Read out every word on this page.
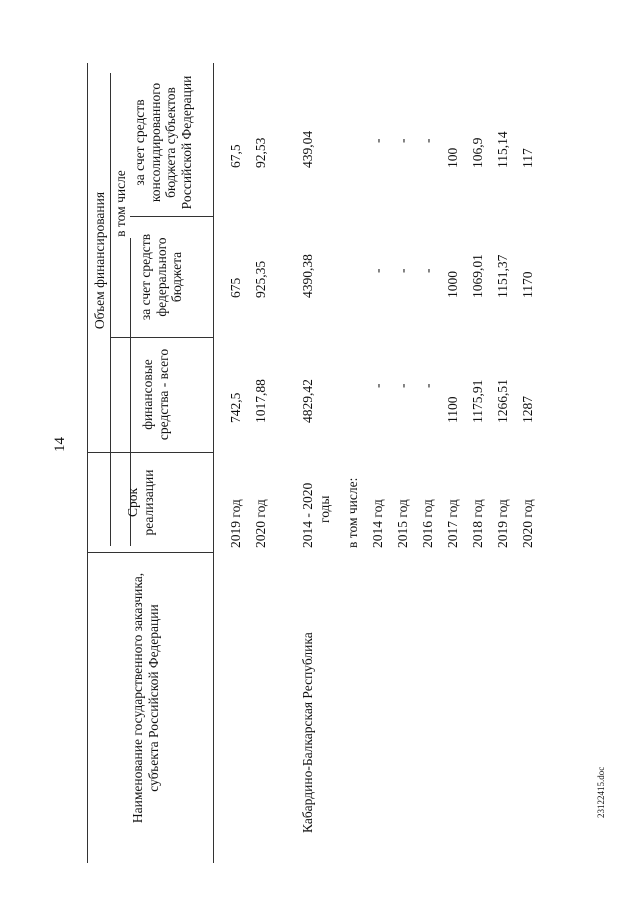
14
Наименование государственного заказчика, субъекта Российской Федерации
Срок реализации
Объем финансирования
финансовые средства - всего
в том числе
за счет средств федерального бюджета
за счет средств консолидированного бюджета субъектов Российской Федерации
2019 год
742,5
675
67,5
2020 год
1017,88
925,35
92,53
Кабардино-Балкарская Республика
2014 - 2020 годы
4829,42
4390,38
439,04
в том числе: 2014 год
-
-
-
2015 год
-
-
-
2016 год
-
-
-
2017 год
1100
1000
100
2018 год
1175,91
1069,01
106,9
2019 год
1266,51
1151,37
115,14
2020 год
1287
1170
117
23122415.doc
